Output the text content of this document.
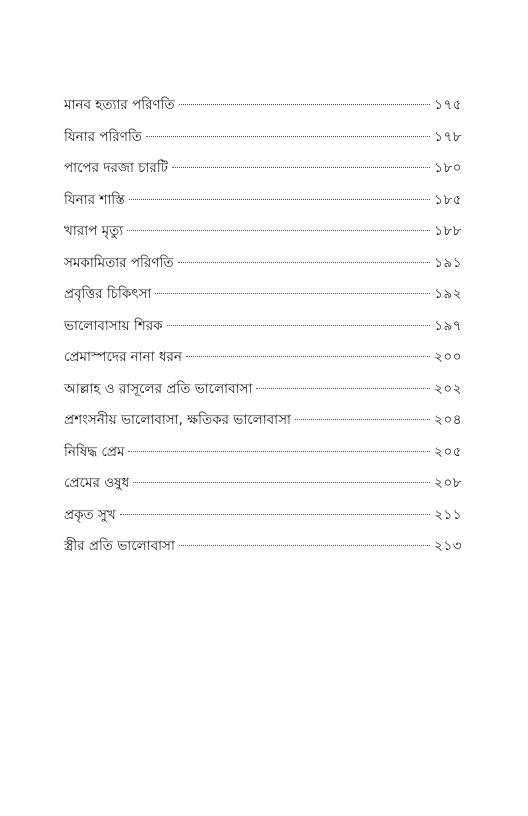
মানব হত্যার পরিণতি	১৭৫
যিনার পরিণতি	১৭৮
পাপের দরজা চারটি	১৮০
যিনার শাস্তি	১৮৫
খারাপ মৃত্যু	১৮৮
সমকামিতার পরিণতি	১৯১
প্রবৃত্তির চিকিৎসা	১৯২
ভালোবাসায় শিরক	১৯৭
প্রেমাস্পদের নানা ধরন	২০০
আল্লাহ ও রাসূলের প্রতি ভালোবাসা	২০২
প্রশংসনীয় ভালোবাসা, ক্ষতিকর ভালোবাসা	২০৪
নিষিদ্ধ প্রেম	২০৫
প্রেমের ওষুধ	২০৮
প্রকৃত সুখ	২১১
স্ত্রীর প্রতি ভালোবাসা	২১৩
